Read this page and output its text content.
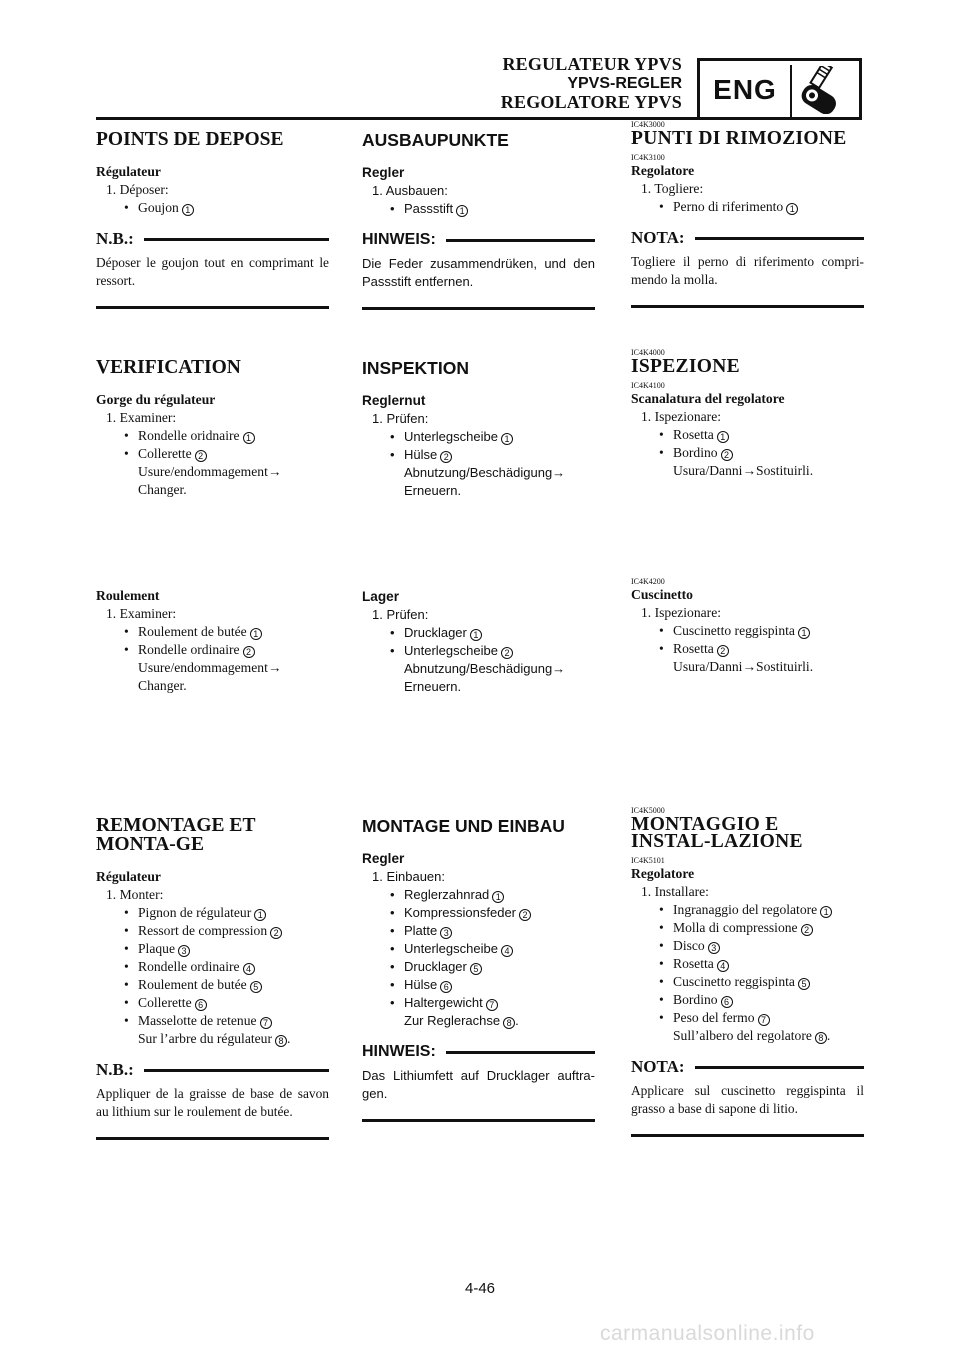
REGULATEUR YPVS
YPVS-REGLER
REGOLATORE YPVS	ENG
POINTS DE DEPOSE
Régulateur
1. Déposer:
• Goujon 1
N.B.:
Déposer le goujon tout en comprimant le ressort.
AUSBAUPUNKTE
Regler
1. Ausbauen:
• Passstift 1
HINWEIS:
Die Feder zusammendrüken, und den Passstift entfernen.
IC4K3000
PUNTI DI RIMOZIONE
IC4K3100
Regolatore
1. Togliere:
• Perno di riferimento 1
NOTA:
Togliere il perno di riferimento compri-mendo la molla.
VERIFICATION
Gorge du régulateur
1. Examiner:
• Rondelle oridnaire 1
• Collerette 2
Usure/endommagement→
Changer.
Roulement
1. Examiner:
• Roulement de butée 1
• Rondelle ordinaire 2
Usure/endommagement→
Changer.
INSPEKTION
Reglernut
1. Prüfen:
• Unterlegscheibe 1
• Hülse 2
Abnutzung/Beschädigung→
Erneuern.
Lager
1. Prüfen:
• Drucklager 1
• Unterlegscheibe 2
Abnutzung/Beschädigung→
Erneuern.
IC4K4000
ISPEZIONE
IC4K4100
Scanalatura del regolatore
1. Ispezionare:
• Rosetta 1
• Bordino 2
Usura/Danni→Sostituirli.
IC4K4200
Cuscinetto
1. Ispezionare:
• Cuscinetto reggispinta 1
• Rosetta 2
Usura/Danni→Sostituirli.
REMONTAGE ET MONTA-GE
Régulateur
1. Monter:
• Pignon de régulateur 1
• Ressort de compression 2
• Plaque 3
• Rondelle ordinaire 4
• Roulement de butée 5
• Collerette 6
• Masselotte de retenue 7
Sur l’arbre du régulateur 8 .
N.B.:
Appliquer de la graisse de base de savon au lithium sur le roulement de butée.
MONTAGE UND EINBAU
Regler
1. Einbauen:
• Reglerzahnrad 1
• Kompressionsfeder 2
• Platte 3
• Unterlegscheibe 4
• Drucklager 5
• Hülse 6
• Haltergewicht 7
Zur Reglerachse 8 .
HINWEIS:
Das Lithiumfett auf Drucklager auftra-gen.
IC4K5000
MONTAGGIO E INSTAL-LAZIONE
IC4K5101
Regolatore
1. Installare:
• Ingranaggio del regolatore 1
• Molla di compressione 2
• Disco 3
• Rosetta 4
• Cuscinetto reggispinta 5
• Bordino 6
• Peso del fermo 7
Sull’albero del regolatore 8 .
NOTA:
Applicare sul cuscinetto reggispinta il grasso a base di sapone di litio.
4-46
carmanualsonline.info
